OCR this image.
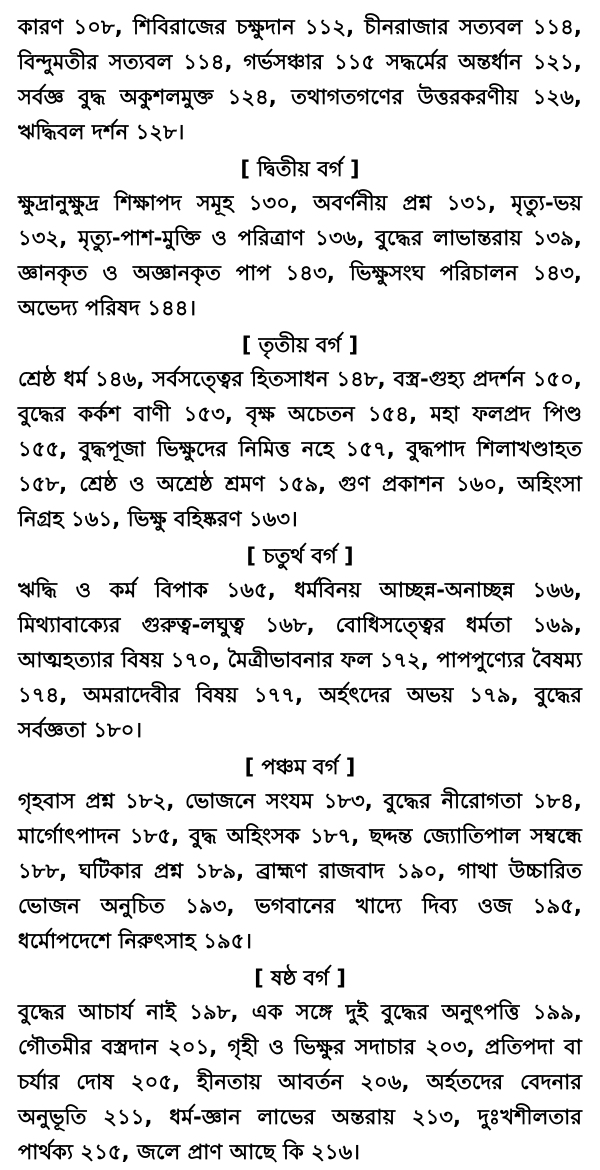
কারণ ১০৮, শিবিরাজের চক্ষুদান ১১২, চীনরাজার সত্যবল ১১৪, বিন্দুমতীর সত্যবল ১১৪, গর্ভসঞ্চার ১১৫ সদ্ধর্মের অন্তর্ধান ১২১, সর্বজ্ঞ বুদ্ধ অকুশলমুক্ত ১২৪, তথাগতগণের উত্তরকরণীয় ১২৬, ঋদ্ধিবল দর্শন ১২৮।

[ দ্বিতীয় বর্গ ]

ক্ষুদ্রানুক্ষুদ্র শিক্ষাপদ সমূহ ১৩০, অবর্ণনীয় প্রশ্ন ১৩১, মৃত্যু-ভয় ১৩২, মৃত্যু-পাশ-মুক্তি ও পরিত্রাণ ১৩৬, বুদ্ধের লাভান্তরায় ১৩৯, জ্ঞানকৃত ও অজ্ঞানকৃত পাপ ১৪৩, ভিক্ষুসংঘ পরিচালন ১৪৩, অভেদ্য পরিষদ ১৪৪।

[ তৃতীয় বর্গ ]

শ্রেষ্ঠ ধর্ম ১৪৬, সর্বসত্ত্বের হিতসাধন ১৪৮, বস্ত্র-গুহ্য প্রদর্শন ১৫০, বুদ্ধের কর্কশ বাণী ১৫৩, বৃক্ষ অচেতন ১৫৪, মহা ফলপ্রদ পিণ্ড ১৫৫, বুদ্ধপূজা ভিক্ষুদের নিমিত্ত নহে ১৫৭, বুদ্ধপাদ শিলাখণ্ডাহত ১৫৮, শ্রেষ্ঠ ও অশ্রেষ্ঠ শ্রমণ ১৫৯, গুণ প্রকাশন ১৬০, অহিংসা নিগ্রহ ১৬১, ভিক্ষু বহিষ্করণ ১৬৩।

[ চতুর্থ বর্গ ]

ঋদ্ধি ও কর্ম বিপাক ১৬৫, ধর্মবিনয় আচ্ছন্ন-অনাচ্ছন্ন ১৬৬, মিথ্যাবাক্যের গুরুত্ব-লঘুত্ব ১৬৮, বোধিসত্ত্বের ধর্মতা ১৬৯, আত্মহত্যার বিষয় ১৭০, মৈত্রীভাবনার ফল ১৭২, পাপপুণ্যের বৈষম্য ১৭৪, অমরাদেবীর বিষয় ১৭৭, অর্হৎদের অভয় ১৭৯, বুদ্ধের সর্বজ্ঞতা ১৮০।

[ পঞ্চম বর্গ ]

গৃহবাস প্রশ্ন ১৮২, ভোজনে সংযম ১৮৩, বুদ্ধের নীরোগতা ১৮৪, মার্গোৎপাদন ১৮৫, বুদ্ধ অহিংসক ১৮৭, ছদ্দন্ত জ্যোতিপাল সম্বন্ধে ১৮৮, ঘটিকার প্রশ্ন ১৮৯, ব্রাহ্মণ রাজবাদ ১৯০, গাথা উচ্চারিত ভোজন অনুচিত ১৯৩, ভগবানের খাদ্যে দিব্য ওজ ১৯৫, ধর্মোপদেশে নিরুৎসাহ ১৯৫।

[ ষষ্ঠ বর্গ ]

বুদ্ধের আচার্য নাই ১৯৮, এক সঙ্গে দুই বুদ্ধের অনুৎপত্তি ১৯৯, গৌতমীর বস্ত্রদান ২০১, গৃহী ও ভিক্ষুর সদাচার ২০৩, প্রতিপদা বা চর্যার দোষ ২০৫, হীনতায় আবর্তন ২০৬, অর্হতদের বেদনার অনুভূতি ২১১, ধর্ম-জ্ঞান লাভের অন্তরায় ২১৩, দুঃখশীলতার পার্থক্য ২১৫, জলে প্রাণ আছে কি ২১৬।
